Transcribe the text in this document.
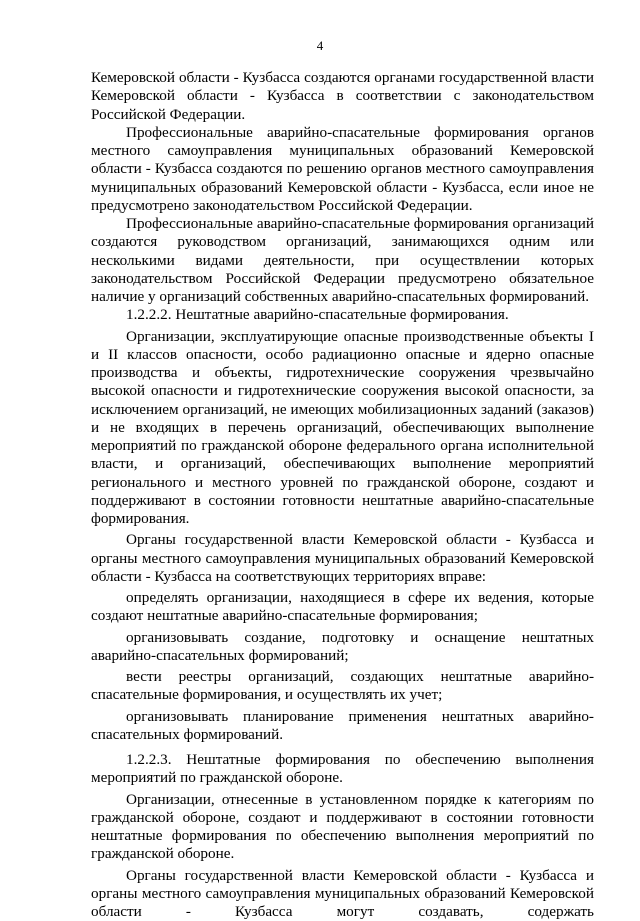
4

Кемеровской области - Кузбасса создаются органами государственной власти Кемеровской области - Кузбасса в соответствии с законодательством Российской Федерации.

Профессиональные аварийно-спасательные формирования органов местного самоуправления муниципальных образований Кемеровской области - Кузбасса создаются по решению органов местного самоуправления муниципальных образований Кемеровской области - Кузбасса, если иное не предусмотрено законодательством Российской Федерации.

Профессиональные аварийно-спасательные формирования организаций создаются руководством организаций, занимающихся одним или несколькими видами деятельности, при осуществлении которых законодательством Российской Федерации предусмотрено обязательное наличие у организаций собственных аварийно-спасательных формирований.

1.2.2.2. Нештатные аварийно-спасательные формирования.

Организации, эксплуатирующие опасные производственные объекты I и II классов опасности, особо радиационно опасные и ядерно опасные производства и объекты, гидротехнические сооружения чрезвычайно высокой опасности и гидротехнические сооружения высокой опасности, за исключением организаций, не имеющих мобилизационных заданий (заказов) и не входящих в перечень организаций, обеспечивающих выполнение мероприятий по гражданской обороне федерального органа исполнительной власти, и организаций, обеспечивающих выполнение мероприятий регионального и местного уровней по гражданской обороне, создают и поддерживают в состоянии готовности нештатные аварийно-спасательные формирования.

Органы государственной власти Кемеровской области - Кузбасса и органы местного самоуправления муниципальных образований Кемеровской области - Кузбасса на соответствующих территориях вправе:

определять организации, находящиеся в сфере их ведения, которые создают нештатные аварийно-спасательные формирования;

организовывать создание, подготовку и оснащение нештатных аварийно-спасательных формирований;

вести реестры организаций, создающих нештатные аварийно-спасательные формирования, и осуществлять их учет;

организовывать планирование применения нештатных аварийно-спасательных формирований.

1.2.2.3. Нештатные формирования по обеспечению выполнения мероприятий по гражданской обороне.

Организации, отнесенные в установленном порядке к категориям по гражданской обороне, создают и поддерживают в состоянии готовности нештатные формирования по обеспечению выполнения мероприятий по гражданской обороне.

Органы государственной власти Кемеровской области - Кузбасса и органы местного самоуправления муниципальных образований Кемеровской области - Кузбасса могут создавать, содержать
